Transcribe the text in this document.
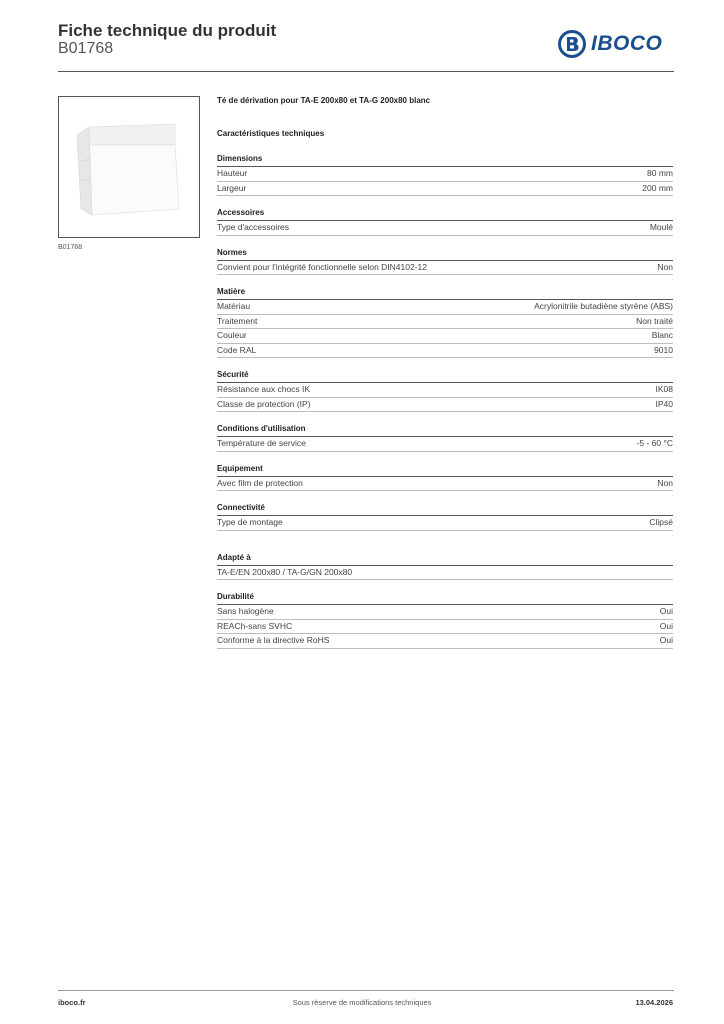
Fiche technique du produit
B01768	IBOCO
B01768
Té de dérivation pour TA-E 200x80 et TA-G 200x80 blanc
Caractéristiques techniques
Dimensions
Hauteur	80 mm
Largeur	200 mm
Accessoires
Type d'accessoires	Moulé
Normes
Convient pour l'intégrité fonctionnelle selon DIN4102-12	Non
Matière
Matériau	Acrylonitrile butadiène styrène (ABS)
Traitement	Non traité
Couleur	Blanc
Code RAL	9010
Sécurité
Résistance aux chocs IK	IK08
Classe de protection (IP)	IP40
Conditions d'utilisation
Température de service	-5 - 60 °C
Equipement
Avec film de protection	Non
Connectivité
Type de montage	Clipsé
Adapté à
TA-E/EN 200x80 / TA-G/GN 200x80
Durabilité
Sans halogène	Oui
REACh-sans SVHC	Oui
Conforme à la directive RoHS	Oui
iboco.fr	Sous réserve de modifications techniques	13.04.2026
